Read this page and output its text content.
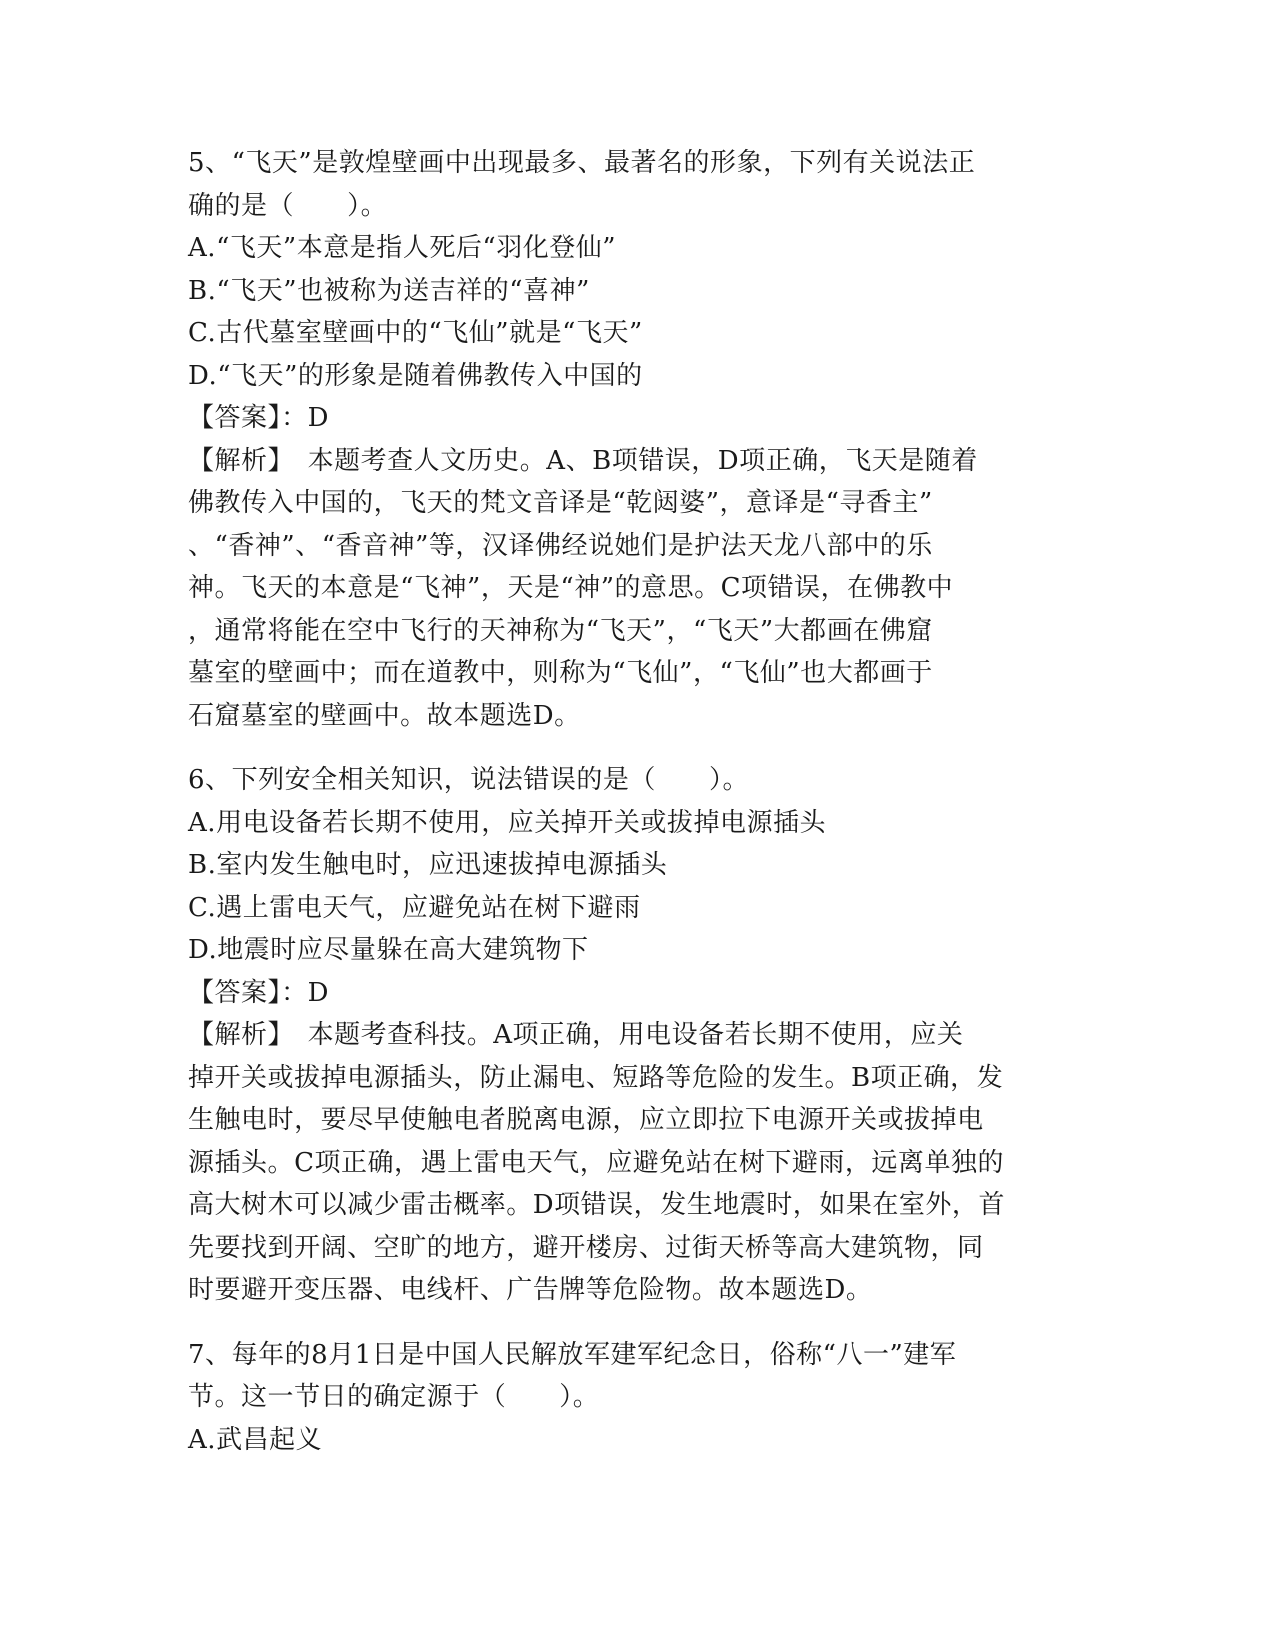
5、“飞天”是敦煌壁画中出现最多、最著名的形象，下列有关说法正
确的是（　　）。
A.“飞天”本意是指人死后“羽化登仙”
B.“飞天”也被称为送吉祥的“喜神”
C.古代墓室壁画中的“飞仙”就是“飞天”
D.“飞天”的形象是随着佛教传入中国的
【答案】：D
【解析】　本题考查人文历史。A、B项错误，D项正确，飞天是随着
佛教传入中国的，飞天的梵文音译是“乾闼婆”，意译是“寻香主”
、“香神”、“香音神”等，汉译佛经说她们是护法天龙八部中的乐
神。飞天的本意是“飞神”，天是“神”的意思。C项错误，在佛教中
，通常将能在空中飞行的天神称为“飞天”，“飞天”大都画在佛窟
墓室的壁画中；而在道教中，则称为“飞仙”，“飞仙”也大都画于
石窟墓室的壁画中。故本题选D。
6、下列安全相关知识，说法错误的是（　　）。
A.用电设备若长期不使用，应关掉开关或拔掉电源插头
B.室内发生触电时，应迅速拔掉电源插头
C.遇上雷电天气，应避免站在树下避雨
D.地震时应尽量躲在高大建筑物下
【答案】：D
【解析】　本题考查科技。A项正确，用电设备若长期不使用，应关
掉开关或拔掉电源插头，防止漏电、短路等危险的发生。B项正确，发
生触电时，要尽早使触电者脱离电源，应立即拉下电源开关或拔掉电
源插头。C项正确，遇上雷电天气，应避免站在树下避雨，远离单独的
高大树木可以减少雷击概率。D项错误，发生地震时，如果在室外，首
先要找到开阔、空旷的地方，避开楼房、过街天桥等高大建筑物，同
时要避开变压器、电线杆、广告牌等危险物。故本题选D。
7、每年的8月1日是中国人民解放军建军纪念日，俗称“八一”建军
节。这一节日的确定源于（　　）。
A.武昌起义
